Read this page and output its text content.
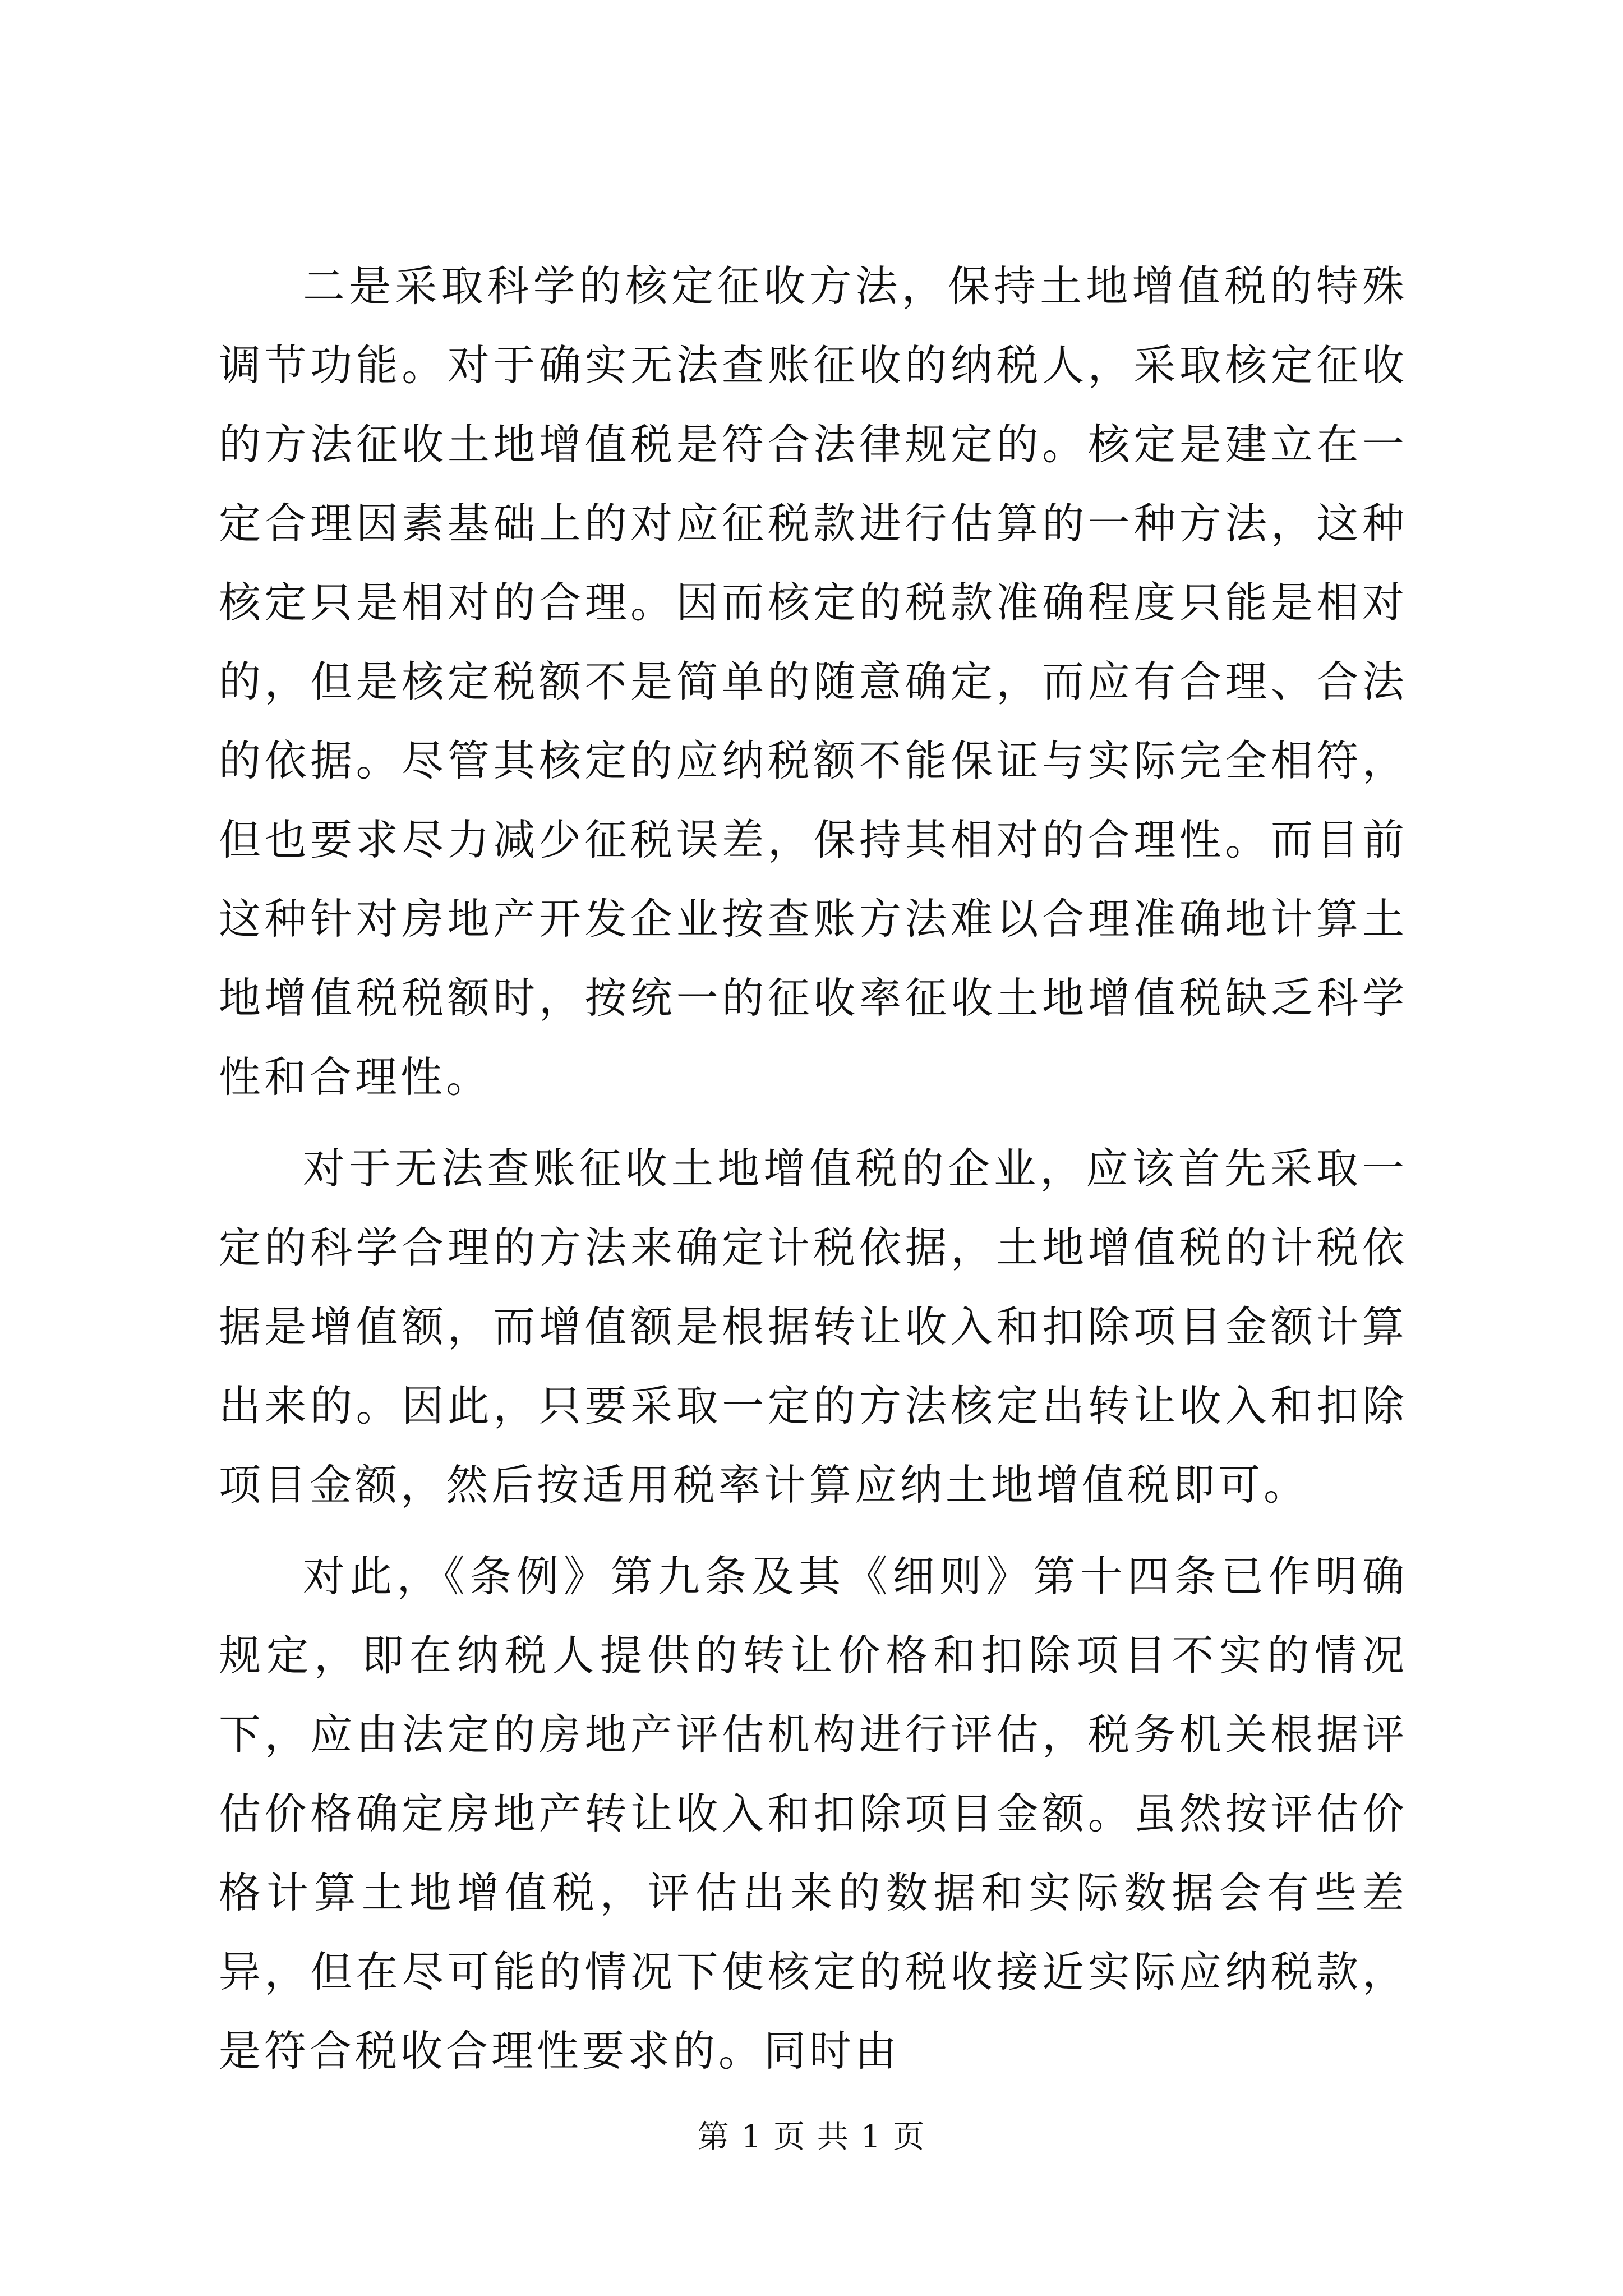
二是采取科学的核定征收方法，保持土地增值税的特殊调节功能。对于确实无法查账征收的纳税人，采取核定征收的方法征收土地增值税是符合法律规定的。核定是建立在一定合理因素基础上的对应征税款进行估算的一种方法，这种核定只是相对的合理。因而核定的税款准确程度只能是相对的，但是核定税额不是简单的随意确定，而应有合理、合法的依据。尽管其核定的应纳税额不能保证与实际完全相符，但也要求尽力减少征税误差，保持其相对的合理性。而目前这种针对房地产开发企业按查账方法难以合理准确地计算土地增值税税额时，按统一的征收率征收土地增值税缺乏科学性和合理性。

对于无法查账征收土地增值税的企业，应该首先采取一定的科学合理的方法来确定计税依据，土地增值税的计税依据是增值额，而增值额是根据转让收入和扣除项目金额计算出来的。因此，只要采取一定的方法核定出转让收入和扣除项目金额，然后按适用税率计算应纳土地增值税即可。

对此，《条例》第九条及其《细则》第十四条已作明确规定，即在纳税人提供的转让价格和扣除项目不实的情况下，应由法定的房地产评估机构进行评估，税务机关根据评估价格确定房地产转让收入和扣除项目金额。虽然按评估价格计算土地增值税，评估出来的数据和实际数据会有些差异，但在尽可能的情况下使核定的税收接近实际应纳税款，是符合税收合理性要求的。同时由

第 1 页 共 1 页
